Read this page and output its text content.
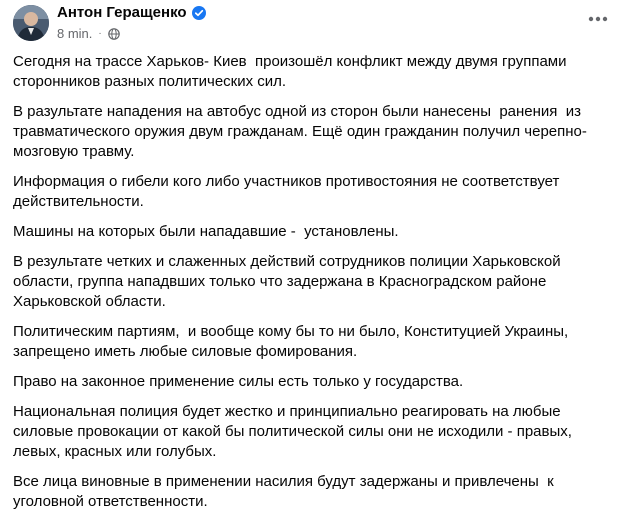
Антон Геращенко
8 min. ·

Сегодня на трассе Харьков- Киев  произошёл конфликт между двумя группами сторонников разных политических сил.

В разультате нападения на автобус одной из сторон были нанесены  ранения  из травматического оружия двум гражданам. Ещё один гражданин получил черепно-мозговую травму.

Информация о гибели кого либо участников противостояния не соответствует действительности.

Машины на которых были нападавшие -  установлены.

В результате четких и слаженных действий сотрудников полиции Харьковской области, группа нападвших только что задержана в Красноградском районе Харьковской области.

Политическим партиям,  и вообще кому бы то ни было, Конституцией Украины,   запрещено иметь любые силовые фомирования.

Право на законное применение силы есть только у государства.

Национальная полиция будет жестко и принципиально реагировать на любые силовые провокации от какой бы политической силы они не исходили - правых, левых, красных или голубых.

Все лица виновные в применении насилия будут задержаны и привлечены  к уголовной ответственности.
